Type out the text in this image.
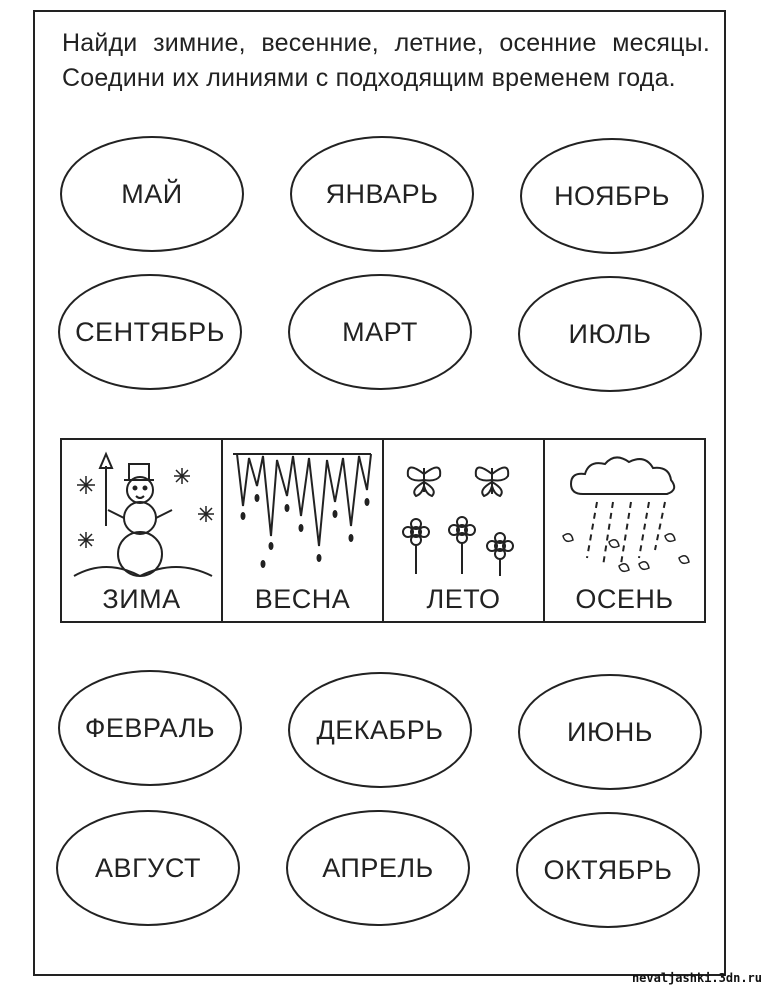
Найди зимние, весенние, летние, осенние месяцы. Соедини их линиями с подходящим временем года.
МАЙ	ЯНВАРЬ	НОЯБРЬ
СЕНТЯБРЬ	МАРТ	ИЮЛЬ
ЗИМА	ВЕСНА	ЛЕТО	ОСЕНЬ
ФЕВРАЛЬ	ДЕКАБРЬ	ИЮНЬ
АВГУСТ	АПРЕЛЬ	ОКТЯБРЬ
nevaljashki.3dn.ru
